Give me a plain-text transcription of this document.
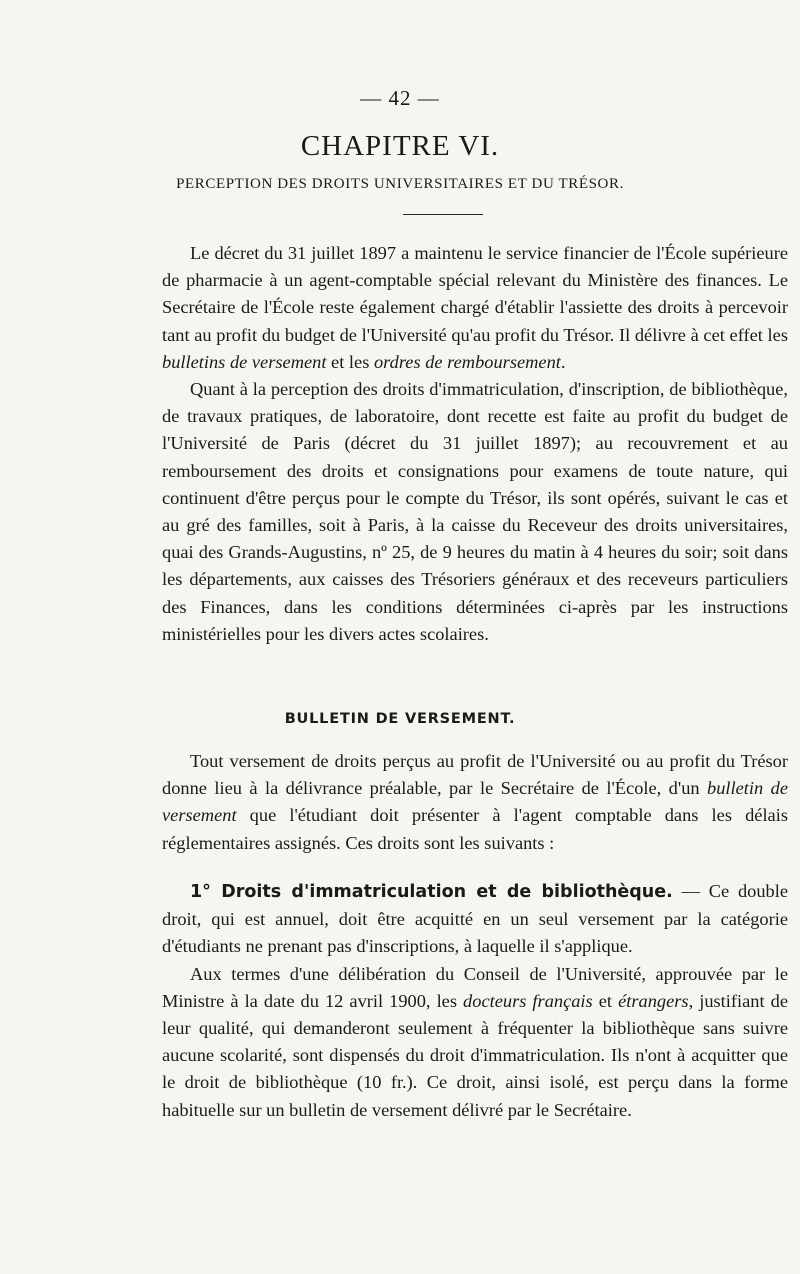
— 42 —
CHAPITRE VI.
PERCEPTION DES DROITS UNIVERSITAIRES ET DU TRÉSOR.

Le décret du 31 juillet 1897 a maintenu le service financier de l'École supérieure de pharmacie à un agent-comptable spécial relevant du Ministère des finances. Le Secrétaire de l'École reste également chargé d'établir l'assiette des droits à percevoir tant au profit du budget de l'Université qu'au profit du Trésor. Il délivre à cet effet les bulletins de versement et les ordres de remboursement.

Quant à la perception des droits d'immatriculation, d'inscription, de bibliothèque, de travaux pratiques, de laboratoire, dont recette est faite au profit du budget de l'Université de Paris (décret du 31 juillet 1897); au recouvrement et au remboursement des droits et consignations pour examens de toute nature, qui continuent d'être perçus pour le compte du Trésor, ils sont opérés, suivant le cas et au gré des familles, soit à Paris, à la caisse du Receveur des droits universitaires, quai des Grands-Augustins, nº 25, de 9 heures du matin à 4 heures du soir; soit dans les départements, aux caisses des Trésoriers généraux et des receveurs particuliers des Finances, dans les conditions déterminées ci-après par les instructions ministérielles pour les divers actes scolaires.

BULLETIN DE VERSEMENT.

Tout versement de droits perçus au profit de l'Université ou au profit du Trésor donne lieu à la délivrance préalable, par le Secrétaire de l'École, d'un bulletin de versement que l'étudiant doit présenter à l'agent comptable dans les délais réglementaires assignés. Ces droits sont les suivants :

1° Droits d'immatriculation et de bibliothèque. — Ce double droit, qui est annuel, doit être acquitté en un seul versement par la catégorie d'étudiants ne prenant pas d'inscriptions, à laquelle il s'applique.

Aux termes d'une délibération du Conseil de l'Université, approuvée par le Ministre à la date du 12 avril 1900, les docteurs français et étrangers, justifiant de leur qualité, qui demanderont seulement à fréquenter la bibliothèque sans suivre aucune scolarité, sont dispensés du droit d'immatriculation. Ils n'ont à acquitter que le droit de bibliothèque (10 fr.). Ce droit, ainsi isolé, est perçu dans la forme habituelle sur un bulletin de versement délivré par le Secrétaire.
